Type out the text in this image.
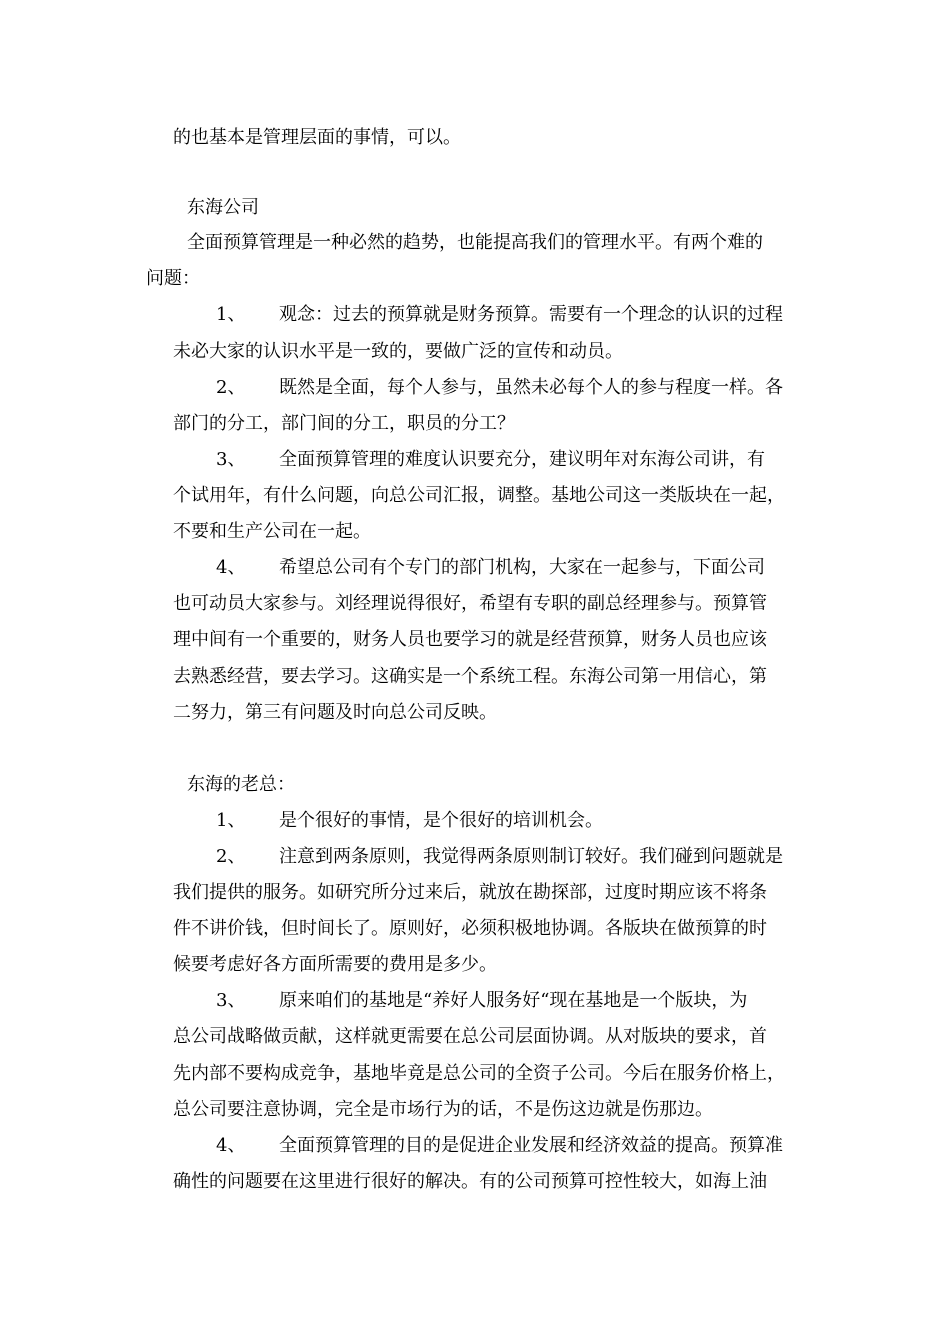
的也基本是管理层面的事情，可以。
东海公司
全面预算管理是一种必然的趋势，也能提高我们的管理水平。有两个难的
问题：
1、 观念：过去的预算就是财务预算。需要有一个理念的认识的过程
未必大家的认识水平是一致的，要做广泛的宣传和动员。
2、 既然是全面，每个人参与，虽然未必每个人的参与程度一样。各
部门的分工，部门间的分工，职员的分工？
3、 全面预算管理的难度认识要充分，建议明年对东海公司讲，有
个试用年，有什么问题，向总公司汇报，调整。基地公司这一类版块在一起，
不要和生产公司在一起。
4、 希望总公司有个专门的部门机构，大家在一起参与，下面公司
也可动员大家参与。刘经理说得很好，希望有专职的副总经理参与。预算管
理中间有一个重要的，财务人员也要学习的就是经营预算，财务人员也应该
去熟悉经营，要去学习。这确实是一个系统工程。东海公司第一用信心，第
二努力，第三有问题及时向总公司反映。
东海的老总：
1、 是个很好的事情，是个很好的培训机会。
2、 注意到两条原则，我觉得两条原则制订较好。我们碰到问题就是
我们提供的服务。如研究所分过来后，就放在勘探部，过度时期应该不将条
件不讲价钱，但时间长了。原则好，必须积极地协调。各版块在做预算的时
候要考虑好各方面所需要的费用是多少。
3、 原来咱们的基地是“养好人服务好“现在基地是一个版块，为
总公司战略做贡献，这样就更需要在总公司层面协调。从对版块的要求，首
先内部不要构成竞争，基地毕竟是总公司的全资子公司。今后在服务价格上，
总公司要注意协调，完全是市场行为的话，不是伤这边就是伤那边。
4、 全面预算管理的目的是促进企业发展和经济效益的提高。预算准
确性的问题要在这里进行很好的解决。有的公司预算可控性较大，如海上油
